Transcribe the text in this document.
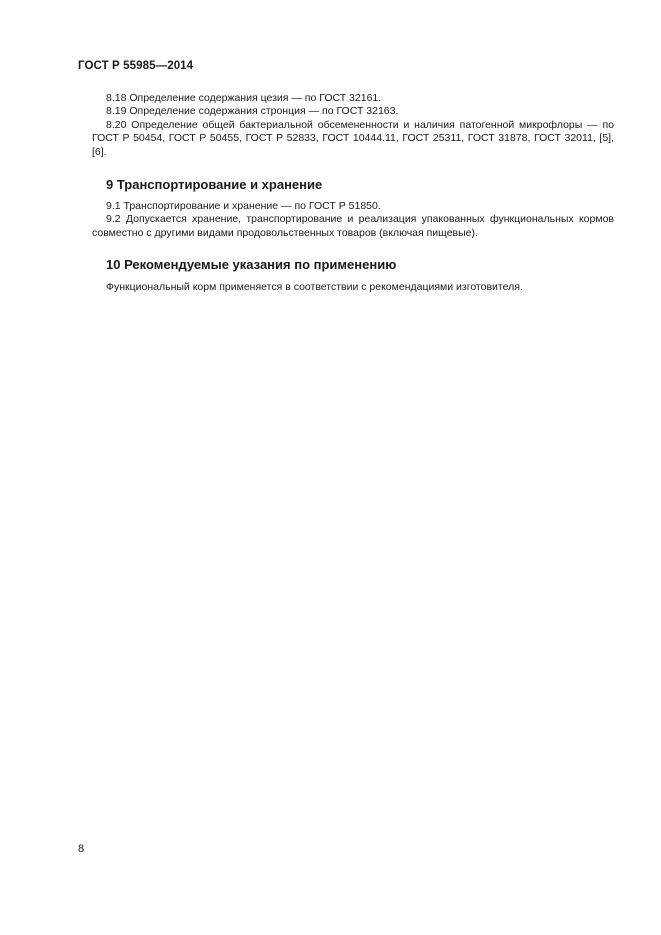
ГОСТ Р 55985—2014

8.18 Определение содержания цезия — по ГОСТ 32161.

8.19 Определение содержания стронция — по ГОСТ 32163.

8.20 Определение общей бактериальной обсемененности и наличия патогенной микрофлоры — по ГОСТ Р 50454, ГОСТ Р 50455, ГОСТ Р 52833, ГОСТ 10444.11, ГОСТ 25311, ГОСТ 31878, ГОСТ 32011, [5], [6].

9 Транспортирование и хранение

9.1 Транспортирование и хранение — по ГОСТ Р 51850.

9.2 Допускается хранение, транспортирование и реализация упакованных функциональных кормов совместно с другими видами продовольственных товаров (включая пищевые).

10 Рекомендуемые указания по применению

Функциональный корм применяется в соответствии с рекомендациями изготовителя.

8
